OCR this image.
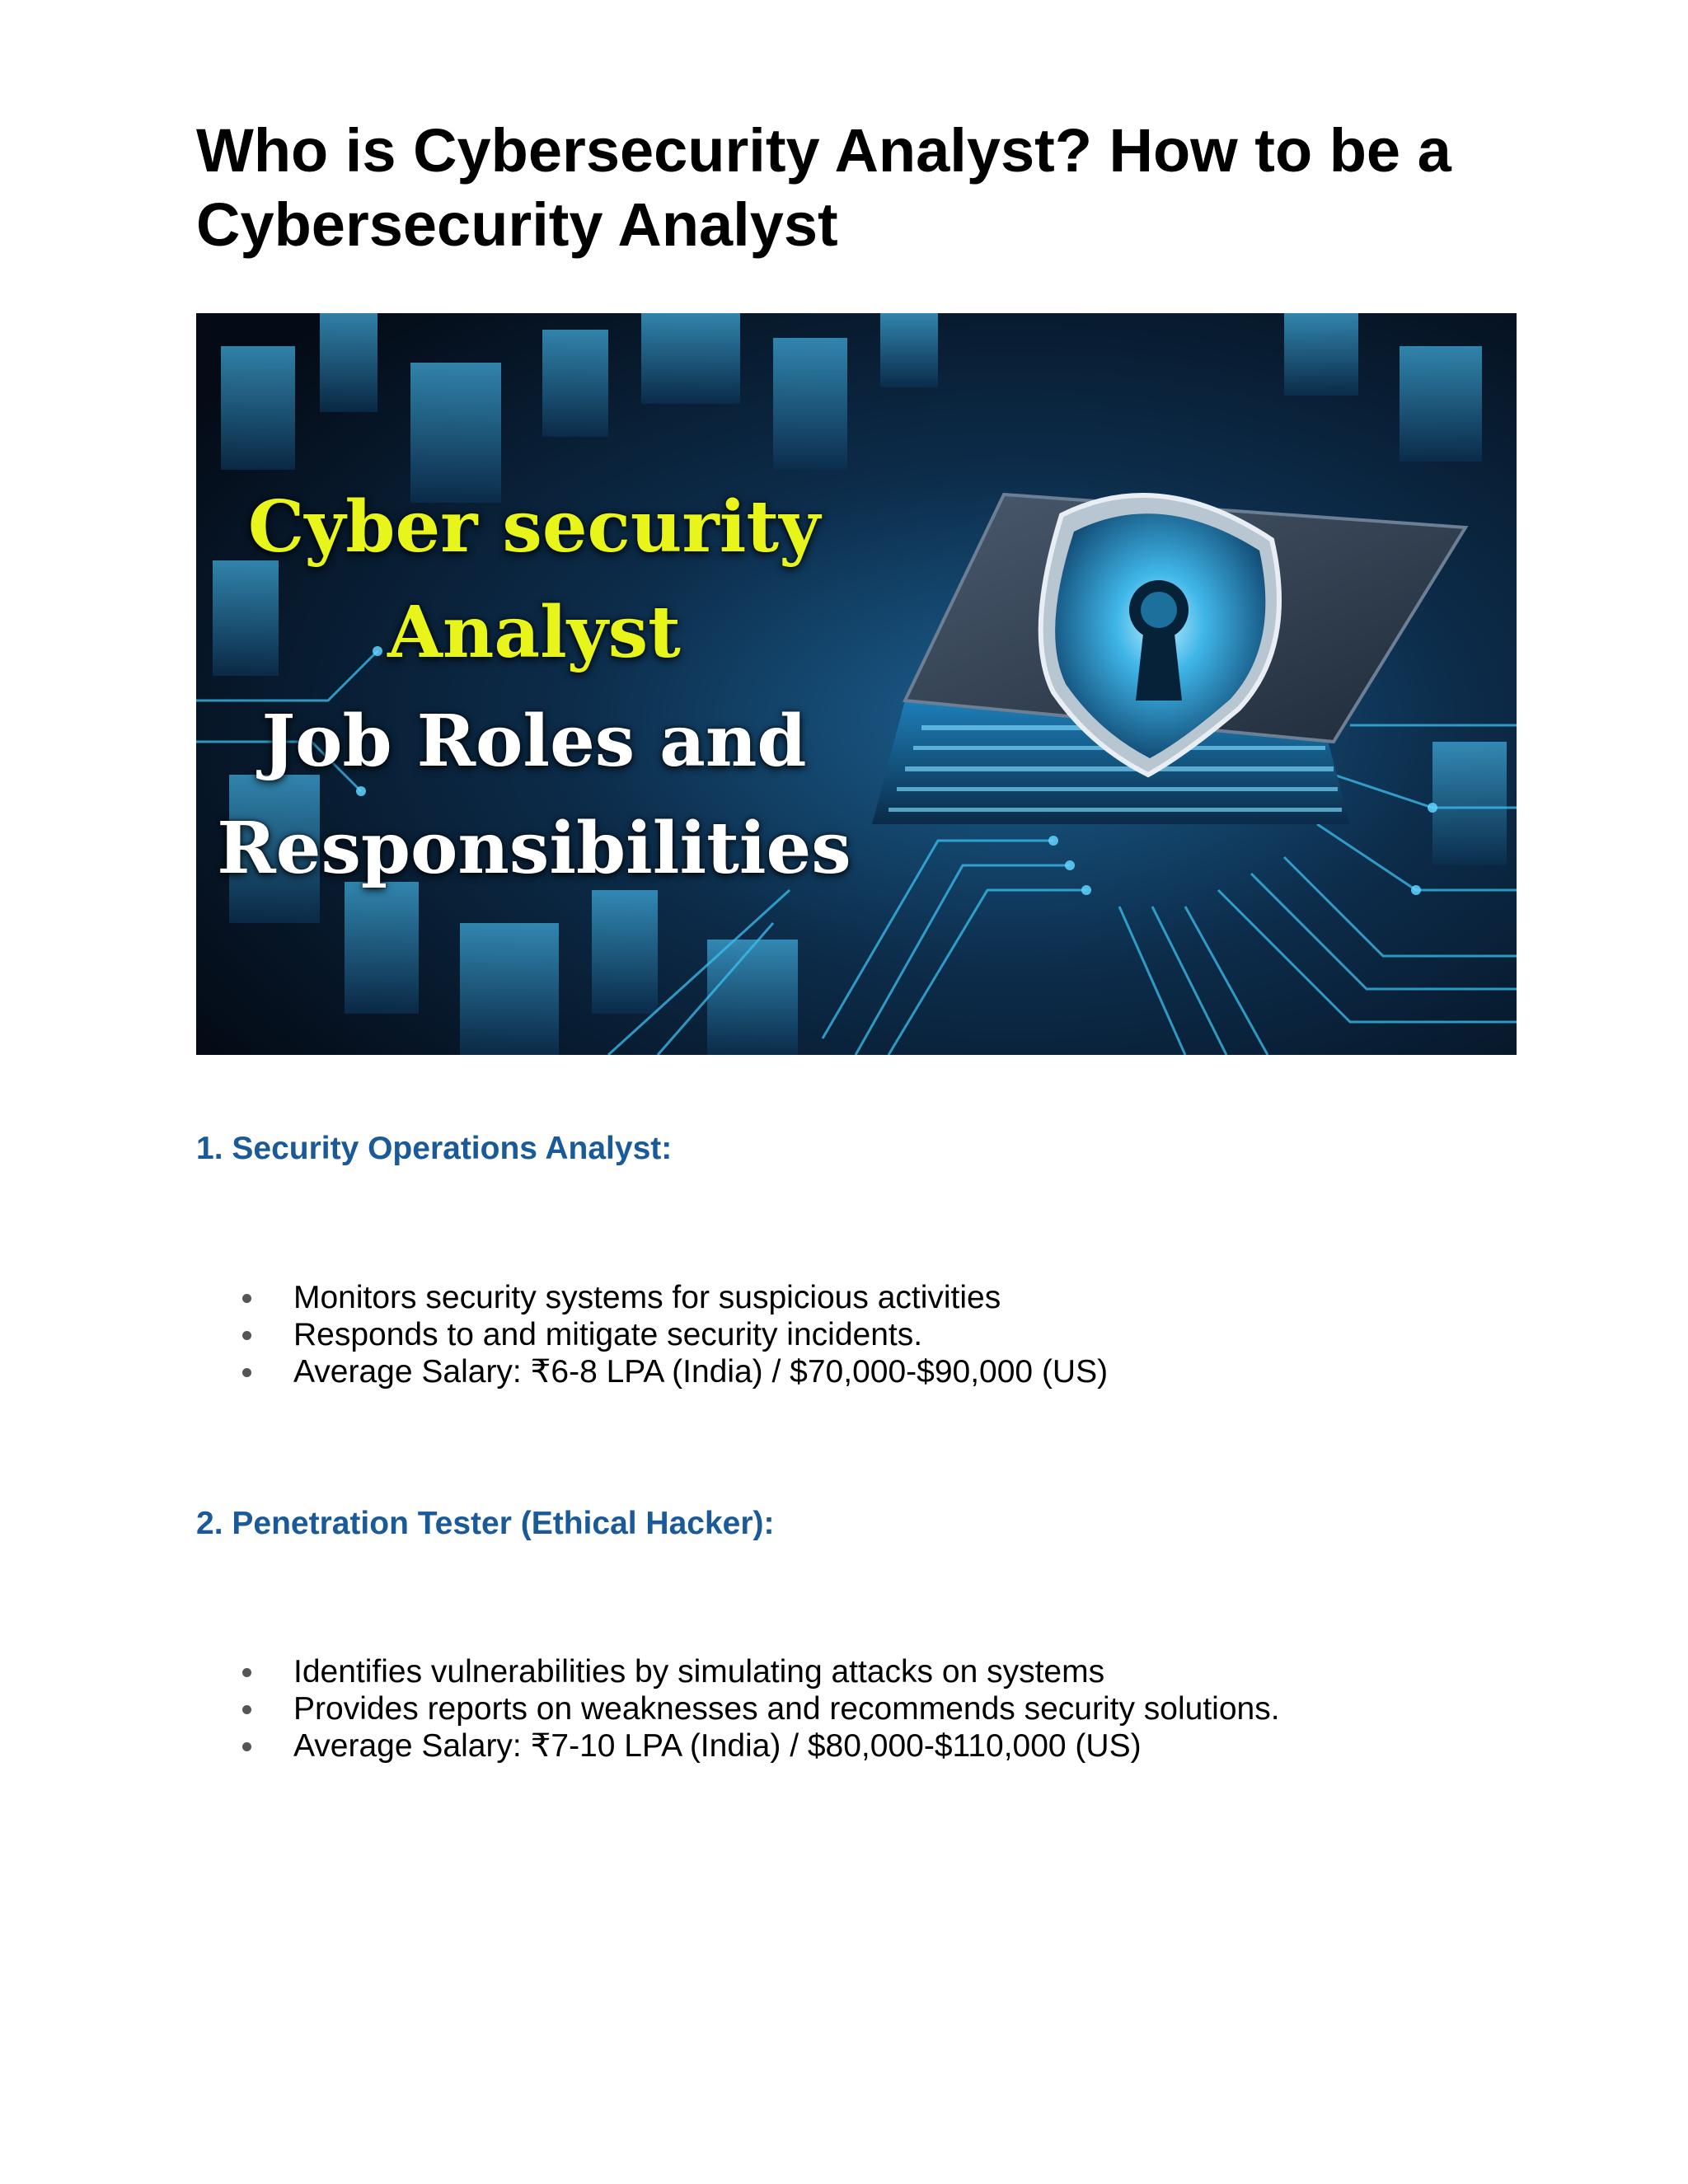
Who is Cybersecurity Analyst? How to be a Cybersecurity Analyst
Cyber security
Analyst
Job Roles and
Responsibilities
1. Security Operations Analyst:
Monitors security systems for suspicious activities
Responds to and mitigate security incidents.
Average Salary: ₹6-8 LPA (India) / $70,000-$90,000 (US)
2. Penetration Tester (Ethical Hacker):
Identifies vulnerabilities by simulating attacks on systems
Provides reports on weaknesses and recommends security solutions.
Average Salary: ₹7-10 LPA (India) / $80,000-$110,000 (US)
